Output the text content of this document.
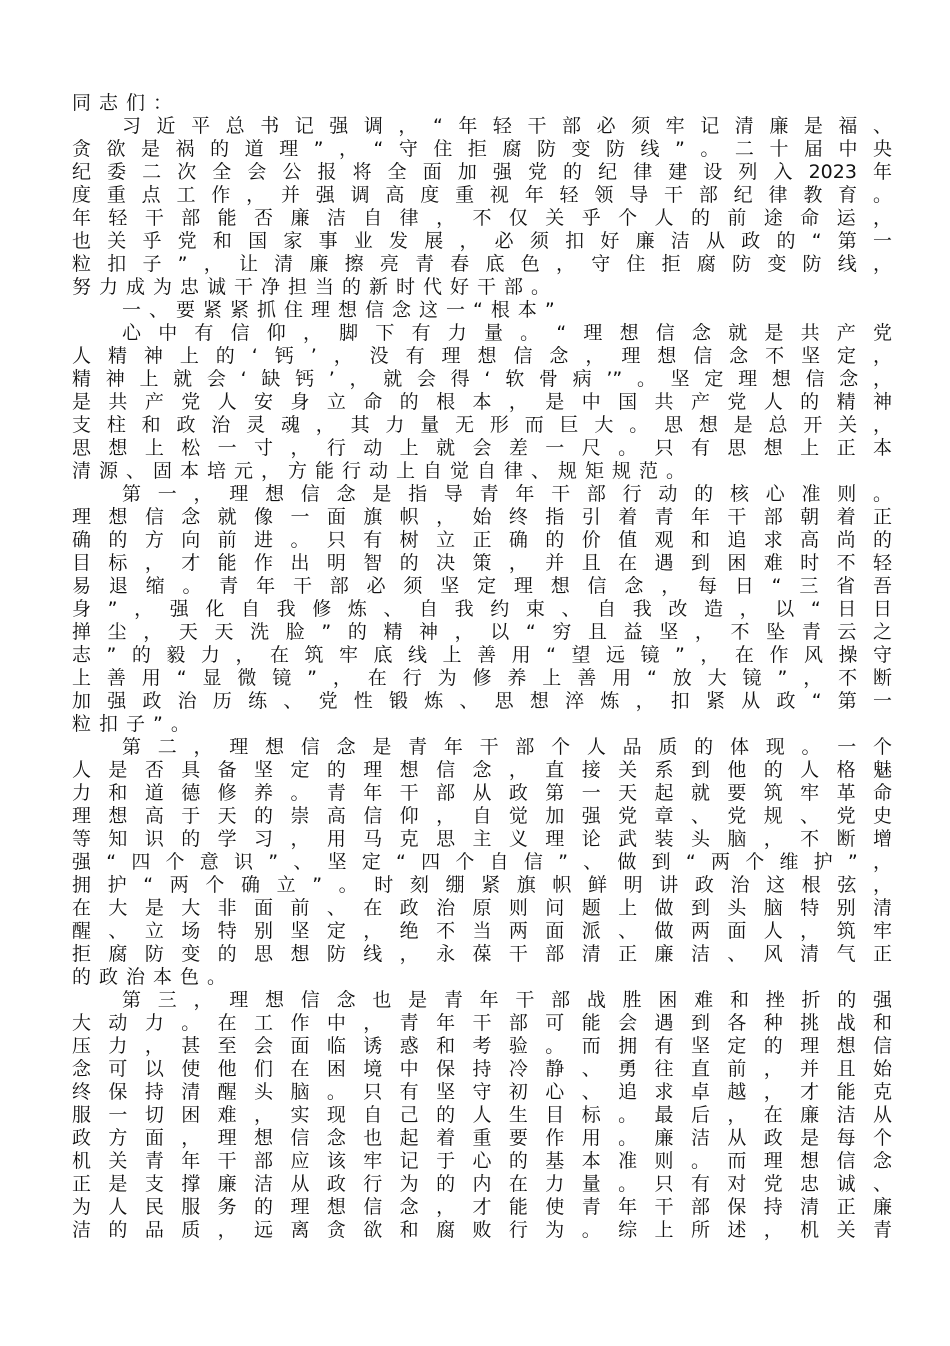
同志们：
习近平总书记强调，“年轻干部必须牢记清廉是福、
贪欲是祸的道理”，“守住拒腐防变防线”。二十届中央
纪委二次全会公报将全面加强党的纪律建设列入2023年
度重点工作，并强调高度重视年轻领导干部纪律教育。
年轻干部能否廉洁自律，不仅关乎个人的前途命运，
也关乎党和国家事业发展，必须扣好廉洁从政的“第一
粒扣子”，让清廉擦亮青春底色，守住拒腐防变防线，
努力成为忠诚干净担当的新时代好干部。
一、要紧紧抓住理想信念这一“根本”
心中有信仰，脚下有力量。“理想信念就是共产党
人精神上的‘钙’，没有理想信念，理想信念不坚定，
精神上就会‘缺钙’，就会得‘软骨病’”。坚定理想信念，
是共产党人安身立命的根本，是中国共产党人的精神
支柱和政治灵魂，其力量无形而巨大。思想是总开关，
思想上松一寸，行动上就会差一尺。只有思想上正本
清源、固本培元，方能行动上自觉自律、规矩规范。
第一，理想信念是指导青年干部行动的核心准则。
理想信念就像一面旗帜，始终指引着青年干部朝着正
确的方向前进。只有树立正确的价值观和追求高尚的
目标，才能作出明智的决策，并且在遇到困难时不轻
易退缩。青年干部必须坚定理想信念，每日“三省吾
身”，强化自我修炼、自我约束、自我改造，以“日日
掸尘，天天洗脸”的精神，以“穷且益坚，不坠青云之
志”的毅力，在筑牢底线上善用“望远镜”，在作风操守
上善用“显微镜”，在行为修养上善用“放大镜”，不断
加强政治历练、党性锻炼、思想淬炼，扣紧从政“第一
粒扣子”。
第二，理想信念是青年干部个人品质的体现。一个
人是否具备坚定的理想信念，直接关系到他的人格魅
力和道德修养。青年干部从政第一天起就要筑牢革命
理想高于天的崇高信仰，自觉加强党章、党规、党史
等知识的学习，用马克思主义理论武装头脑，不断增
强“四个意识”、坚定“四个自信”、做到“两个维护”，
拥护“两个确立”。时刻绷紧旗帜鲜明讲政治这根弦，
在大是大非面前、在政治原则问题上做到头脑特别清
醒、立场特别坚定，绝不当两面派、做两面人，筑牢
拒腐防变的思想防线，永葆干部清正廉洁、风清气正
的政治本色。
第三，理想信念也是青年干部战胜困难和挫折的强
大动力。在工作中，青年干部可能会遇到各种挑战和
压力，甚至会面临诱惑和考验。而拥有坚定的理想信
念可以使他们在困境中保持冷静、勇往直前，并且始
终保持清醒头脑。只有坚守初心、追求卓越，才能克
服一切困难，实现自己的人生目标。最后，在廉洁从
政方面，理想信念也起着重要作用。廉洁从政是每个
机关青年干部应该牢记于心的基本准则。而理想信念
正是支撑廉洁从政行为的内在力量。只有对党忠诚、
为人民服务的理想信念，才能使青年干部保持清正廉
洁的品质，远离贪欲和腐败行为。综上所述，机关青
